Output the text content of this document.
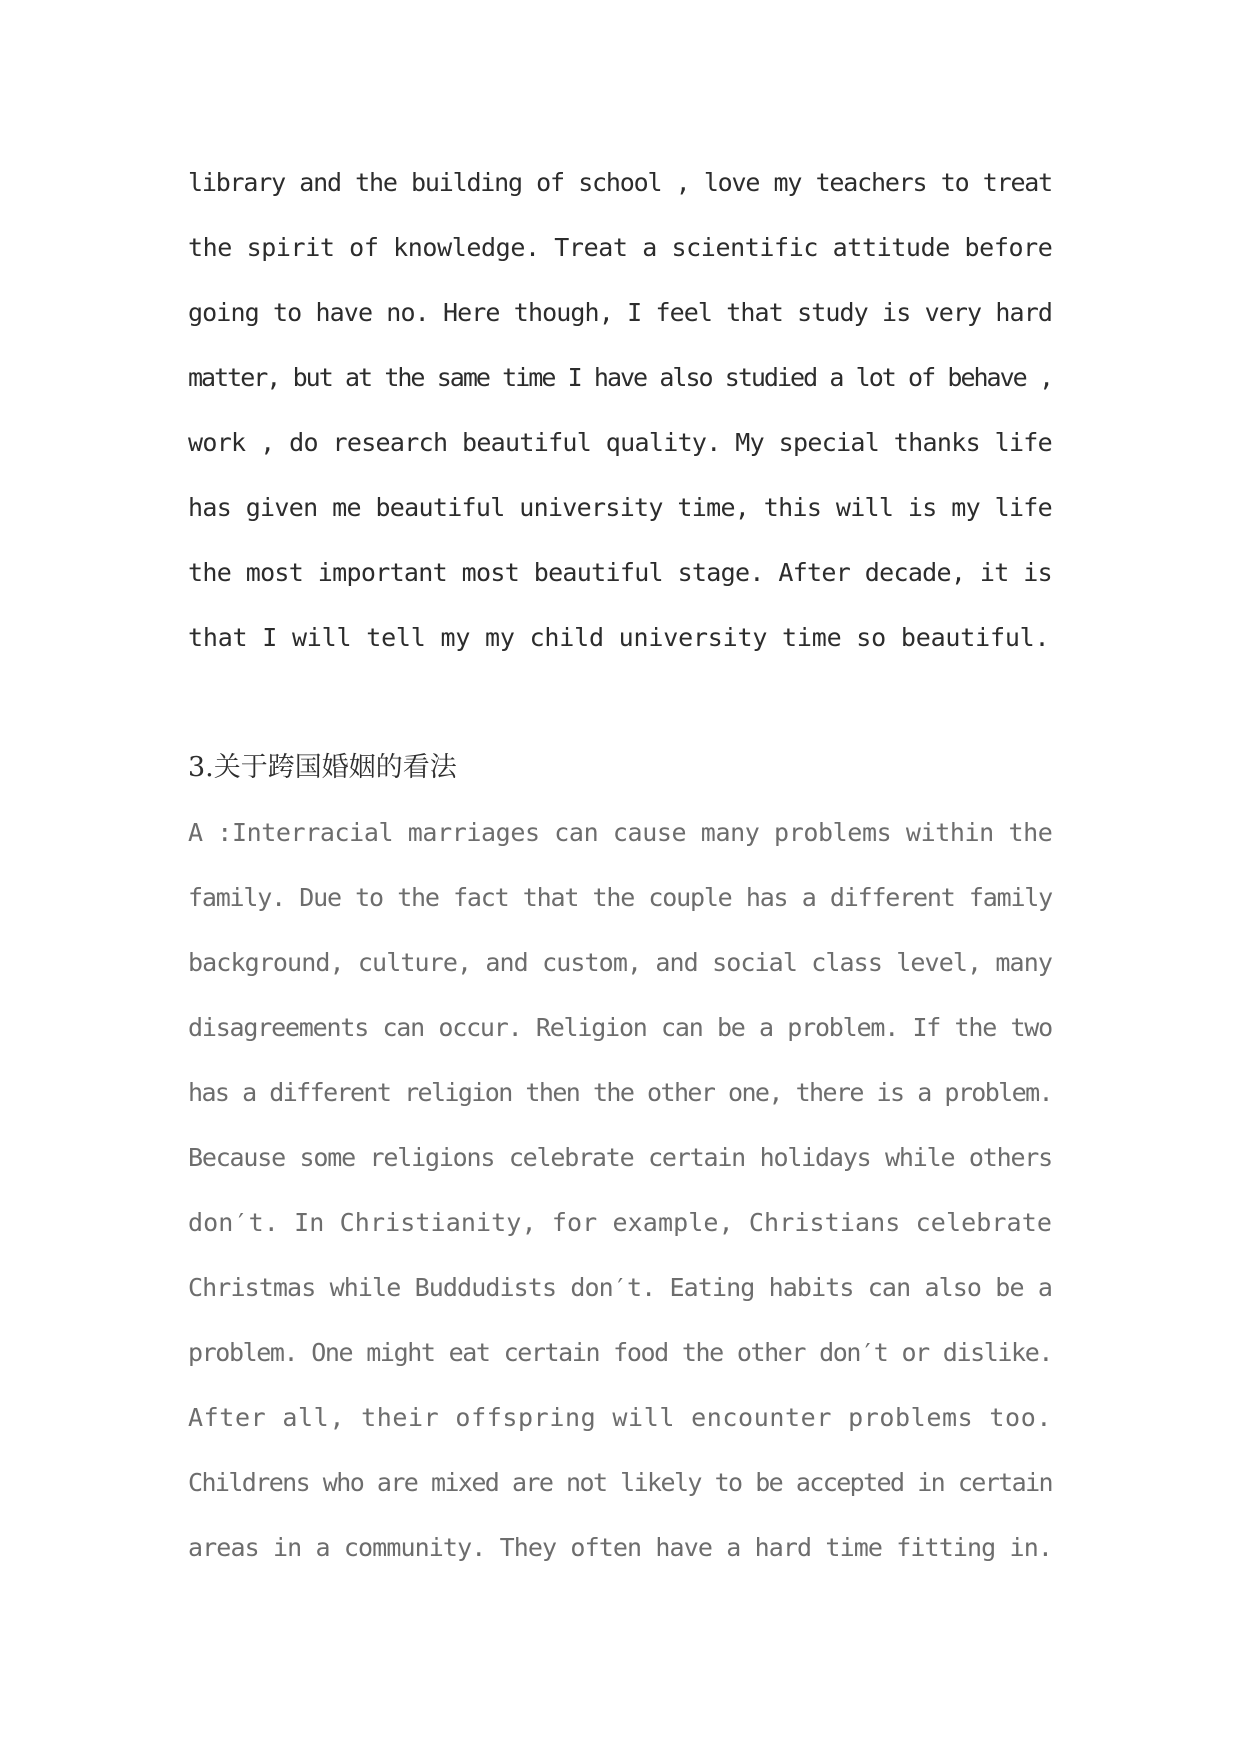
library and the building of school , love my teachers to treat
the spirit of knowledge. Treat a scientific attitude before
going to have no. Here though, I feel that study is very hard
matter, but at the same time I have also studied a lot of behave ,
work , do research beautiful quality. My special thanks life
has given me beautiful university time, this will is my life
the most important most beautiful stage. After decade, it is
that I will tell my my child university time so beautiful.
3.关于跨国婚姻的看法
A :Interracial marriages can cause many problems within the
family. Due to the fact that the couple has a different family
background, culture, and custom, and social class level, many
disagreements can occur. Religion can be a problem. If the two
has a different religion then the other one, there is a problem.
Because some religions celebrate certain holidays while others
don′t. In Christianity, for example, Christians celebrate
Christmas while Buddudists don′t. Eating habits can also be a
problem. One might eat certain food the other don′t or dislike.
After all, their offspring will encounter problems too.
Childrens who are mixed are not likely to be accepted in certain
areas in a community. They often have a hard time fitting in.
